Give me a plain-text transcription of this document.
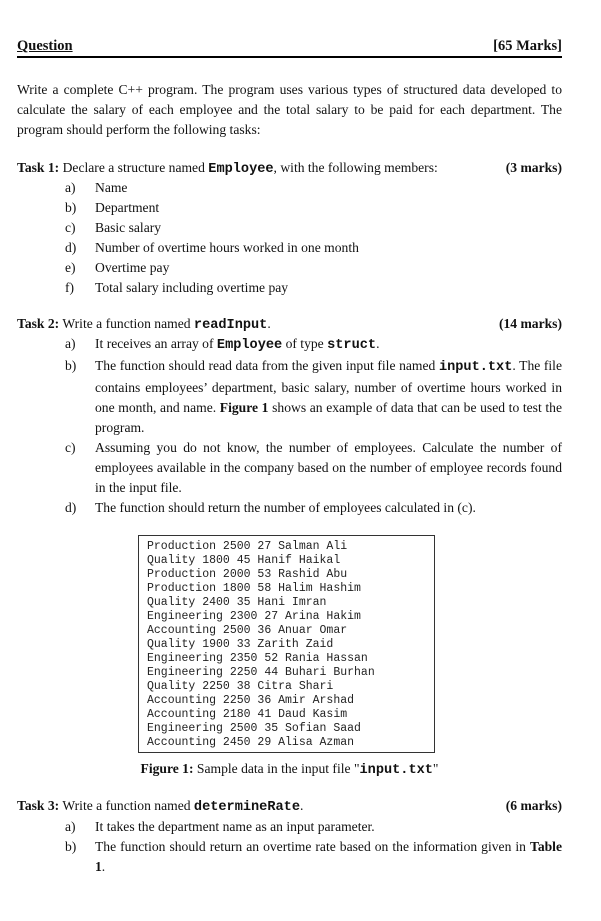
Question	[65 Marks]
Write a complete C++ program. The program uses various types of structured data developed to calculate the salary of each employee and the total salary to be paid for each department. The program should perform the following tasks:
Task 1: Declare a structure named Employee, with the following members:	(3 marks)
a) Name
b) Department
c) Basic salary
d) Number of overtime hours worked in one month
e) Overtime pay
f) Total salary including overtime pay
Task 2: Write a function named readInput.	(14 marks)
a) It receives an array of Employee of type struct.
b) The function should read data from the given input file named input.txt. The file contains employees’ department, basic salary, number of overtime hours worked in one month, and name. Figure 1 shows an example of data that can be used to test the program.
c) Assuming you do not know, the number of employees. Calculate the number of employees available in the company based on the number of employee records found in the input file.
d) The function should return the number of employees calculated in (c).
Production 2500 27 Salman Ali
Quality 1800 45 Hanif Haikal
Production 2000 53 Rashid Abu
Production 1800 58 Halim Hashim
Quality 2400 35 Hani Imran
Engineering 2300 27 Arina Hakim
Accounting 2500 36 Anuar Omar
Quality 1900 33 Zarith Zaid
Engineering 2350 52 Rania Hassan
Engineering 2250 44 Buhari Burhan
Quality 2250 38 Citra Shari
Accounting 2250 36 Amir Arshad
Accounting 2180 41 Daud Kasim
Engineering 2500 35 Sofian Saad
Accounting 2450 29 Alisa Azman
Figure 1: Sample data in the input file "input.txt"
Task 3: Write a function named determineRate.	(6 marks)
a) It takes the department name as an input parameter.
b) The function should return an overtime rate based on the information given in Table 1.
